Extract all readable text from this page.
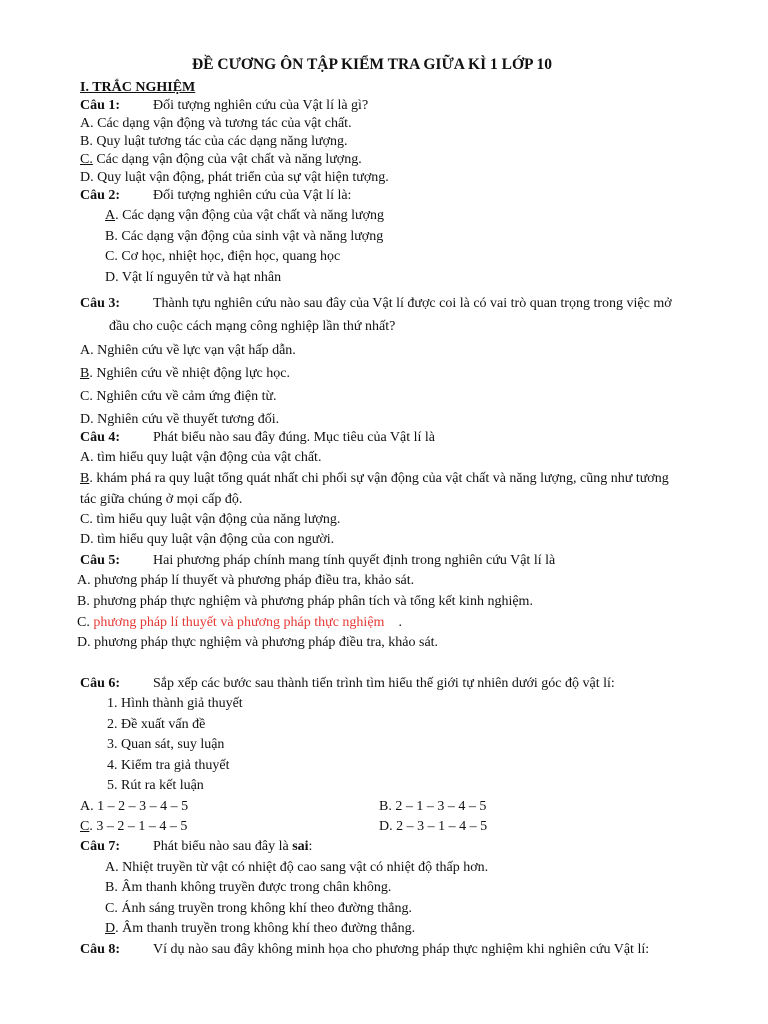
ĐỀ CƯƠNG ÔN TẬP KIỂM TRA GIỮA KÌ 1 LỚP 10
I. TRẮC NGHIỆM
Câu 1: Đối tượng nghiên cứu của Vật lí là gì?
A. Các dạng vận động và tương tác của vật chất.
B. Quy luật tương tác của các dạng năng lượng.
C. Các dạng vận động của vật chất và năng lượng.
D. Quy luật vận động, phát triển của sự vật hiện tượng.
Câu 2: Đối tượng nghiên cứu của Vật lí là:
A. Các dạng vận động của vật chất và năng lượng
B. Các dạng vận động của sinh vật và năng lượng
C. Cơ học, nhiệt học, điện học, quang học
D. Vật lí nguyên tử và hạt nhân
Câu 3: Thành tựu nghiên cứu nào sau đây của Vật lí được coi là có vai trò quan trọng trong việc mở
đầu cho cuộc cách mạng công nghiệp lần thứ nhất?
A. Nghiên cứu về lực vạn vật hấp dẫn.
B. Nghiên cứu về nhiệt động lực học.
C. Nghiên cứu về cảm ứng điện từ.
D. Nghiên cứu về thuyết tương đối.
Câu 4: Phát biểu nào sau đây đúng. Mục tiêu của Vật lí là
A. tìm hiểu quy luật vận động của vật chất.
B. khám phá ra quy luật tổng quát nhất chi phối sự vận động của vật chất và năng lượng, cũng như tương
tác giữa chúng ở mọi cấp độ.
C. tìm hiểu quy luật vận động của năng lượng.
D. tìm hiểu quy luật vận động của con người.
Câu 5: Hai phương pháp chính mang tính quyết định trong nghiên cứu Vật lí là
A. phương pháp lí thuyết và phương pháp điều tra, khảo sát.
B. phương pháp thực nghiệm và phương pháp phân tích và tổng kết kinh nghiệm.
C. phương pháp lí thuyết và phương pháp thực nghiệm .
D. phương pháp thực nghiệm và phương pháp điều tra, khảo sát.
Câu 6: Sắp xếp các bước sau thành tiến trình tìm hiểu thế giới tự nhiên dưới góc độ vật lí:
1. Hình thành giả thuyết
2. Đề xuất vấn đề
3. Quan sát, suy luận
4. Kiểm tra giả thuyết
5. Rút ra kết luận
A. 1 – 2 – 3 – 4 – 5	B. 2 – 1 – 3 – 4 – 5
C. 3 – 2 – 1 – 4 – 5	D. 2 – 3 – 1 – 4 – 5
Câu 7: Phát biểu nào sau đây là sai:
A. Nhiệt truyền từ vật có nhiệt độ cao sang vật có nhiệt độ thấp hơn.
B. Âm thanh không truyền được trong chân không.
C. Ánh sáng truyền trong không khí theo đường thẳng.
D. Âm thanh truyền trong không khí theo đường thẳng.
Câu 8: Ví dụ nào sau đây không minh họa cho phương pháp thực nghiệm khi nghiên cứu Vật lí:
